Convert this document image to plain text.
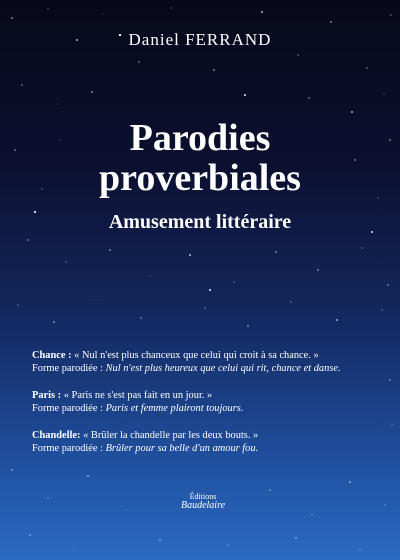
Daniel FERRAND
Parodies
proverbiales
Amusement littéraire
Chance : « Nul n'est plus chanceux que celui qui croit à sa chance. »
Forme parodiée : Nul n'est plus heureux que celui qui rit, chance et danse.
Paris : « Paris ne s'est pas fait en un jour. »
Forme parodiée : Paris et femme plairont toujours.
Chandelle: « Brûler la chandelle par les deux bouts. »
Forme parodiée : Brûler pour sa belle d'un amour fou.
Éditions
Baudelaire
